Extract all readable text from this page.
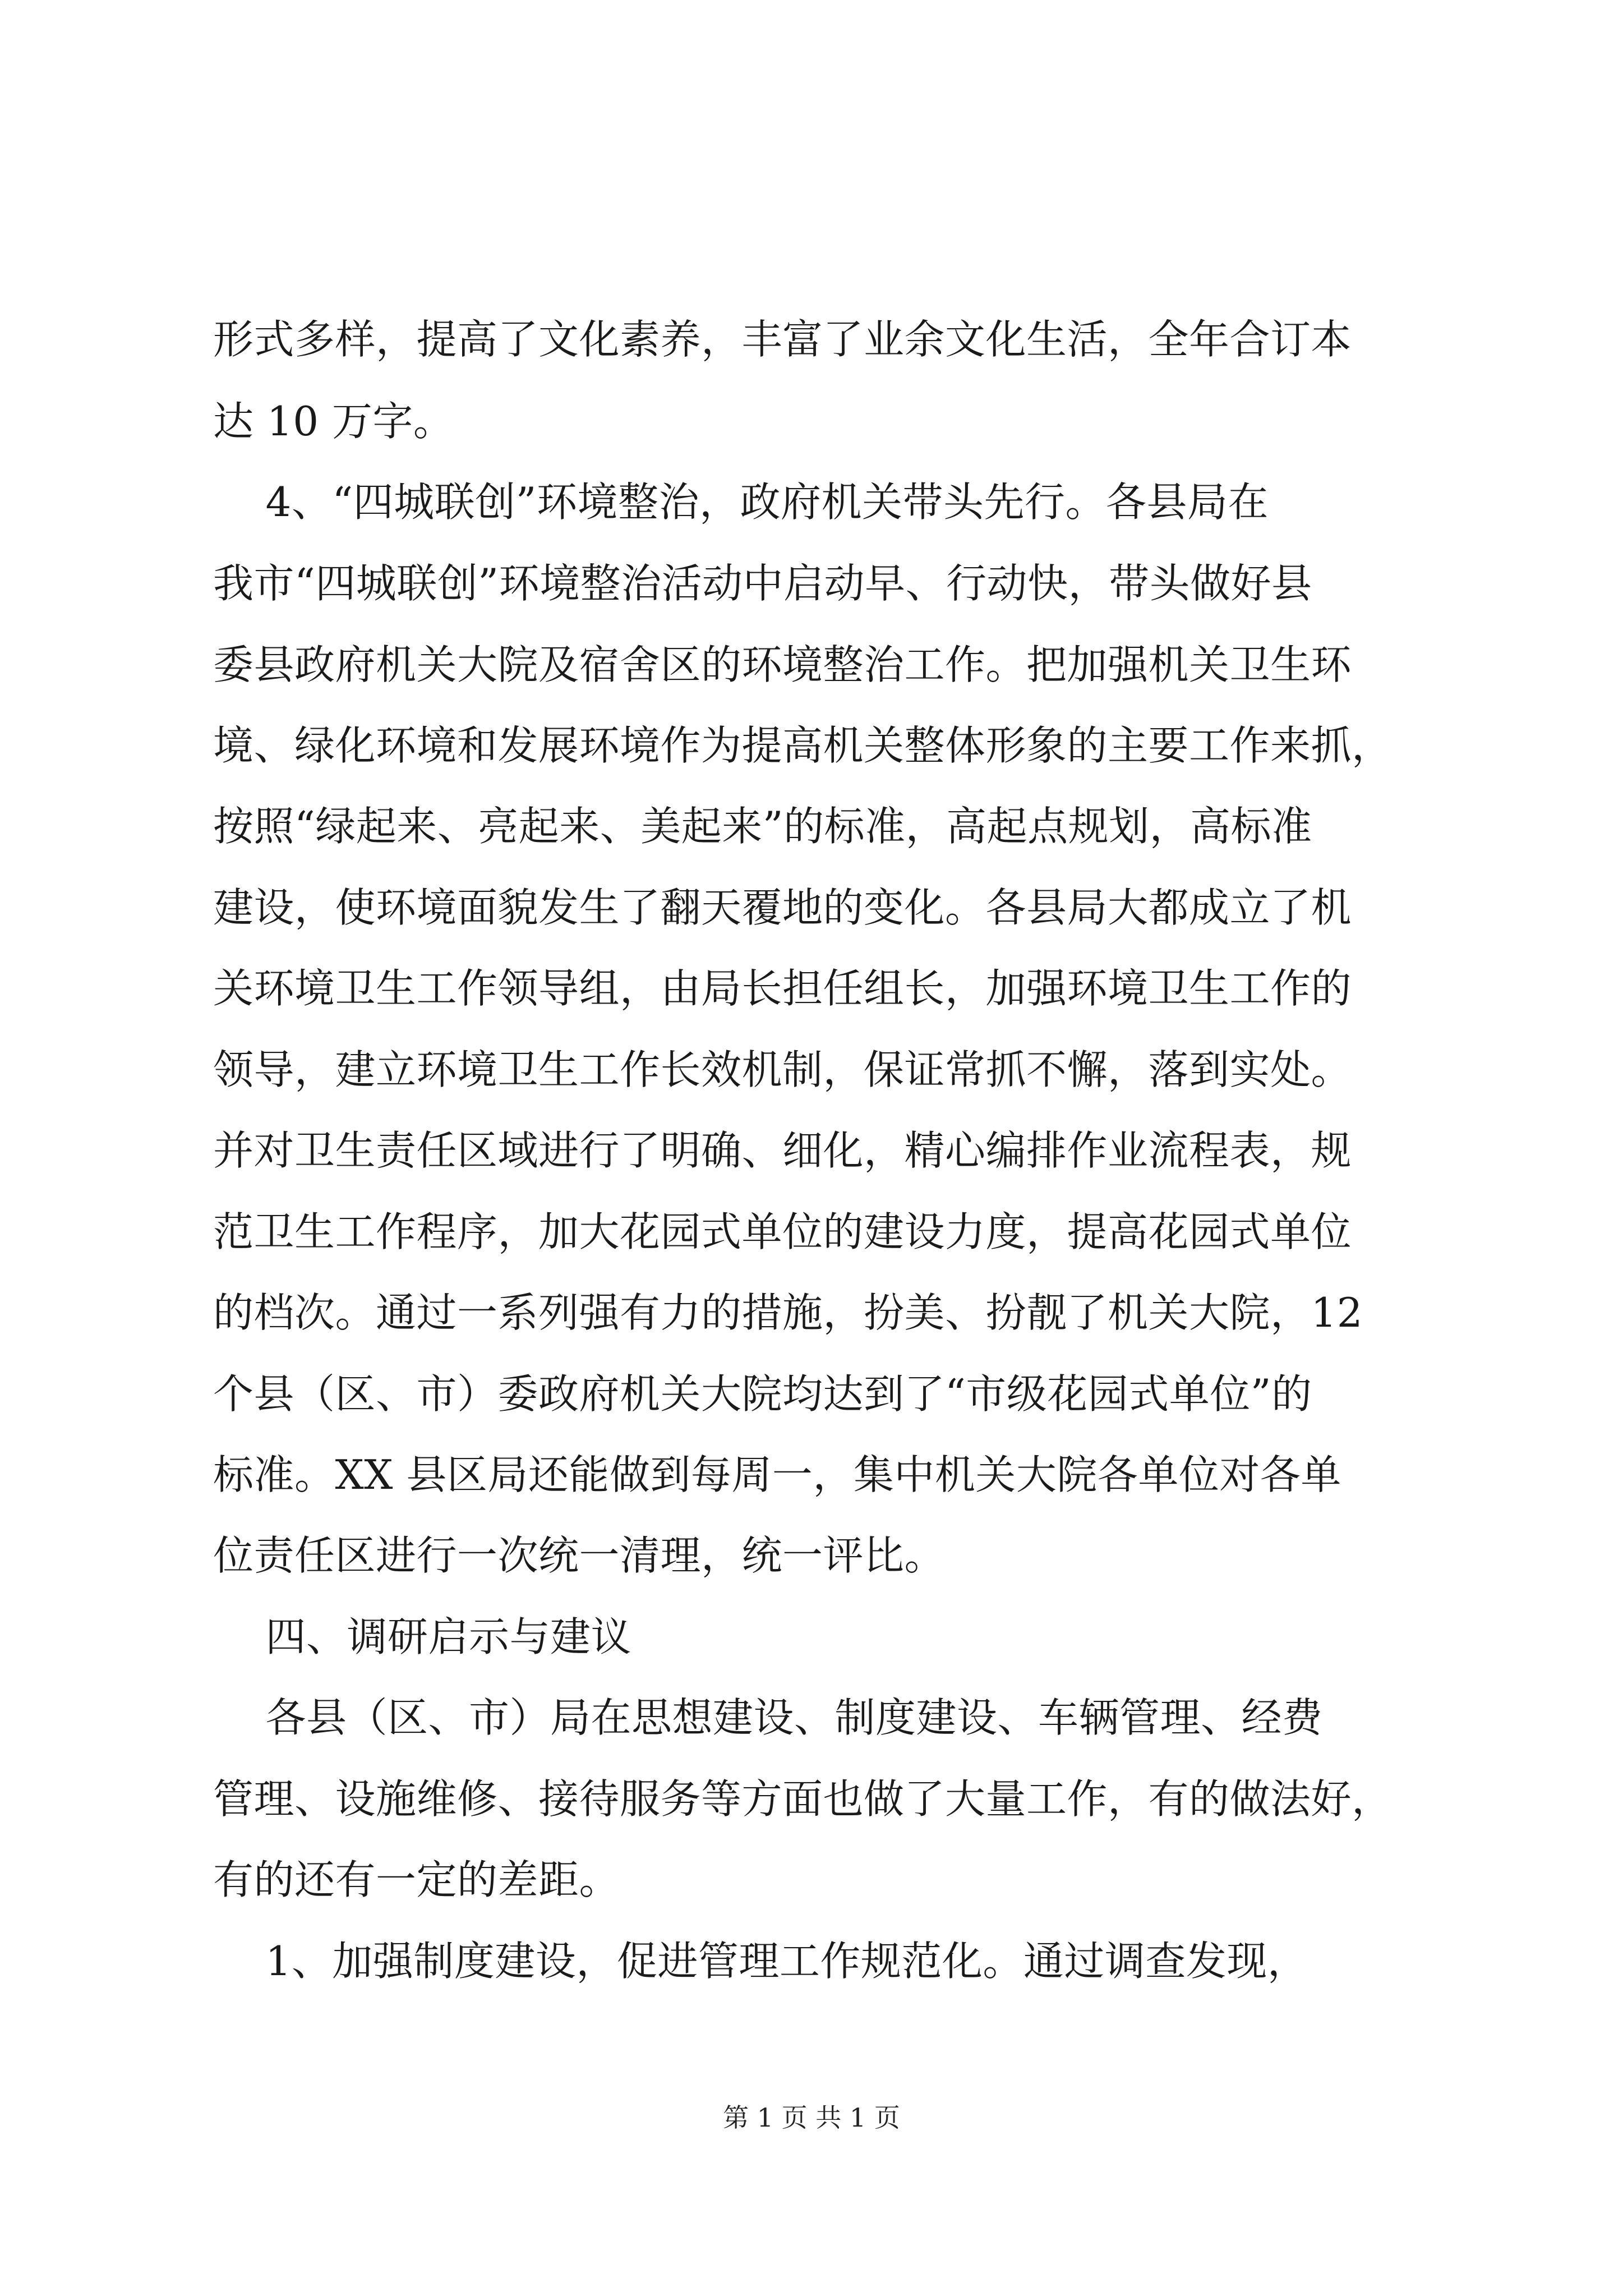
形式多样，提高了文化素养，丰富了业余文化生活，全年合订本

达 10 万字。

4、“四城联创”环境整治，政府机关带头先行。各县局在

我市“四城联创”环境整治活动中启动早、行动快，带头做好县

委县政府机关大院及宿舍区的环境整治工作。把加强机关卫生环

境、绿化环境和发展环境作为提高机关整体形象的主要工作来抓，

按照“绿起来、亮起来、美起来”的标准，高起点规划，高标准

建设，使环境面貌发生了翻天覆地的变化。各县局大都成立了机

关环境卫生工作领导组，由局长担任组长，加强环境卫生工作的

领导，建立环境卫生工作长效机制，保证常抓不懈，落到实处。

并对卫生责任区域进行了明确、细化，精心编排作业流程表，规

范卫生工作程序，加大花园式单位的建设力度，提高花园式单位

的档次。通过一系列强有力的措施，扮美、扮靓了机关大院，12

个县（区、市）委政府机关大院均达到了“市级花园式单位”的

标准。XX 县区局还能做到每周一，集中机关大院各单位对各单

位责任区进行一次统一清理，统一评比。

四、调研启示与建议

各县（区、市）局在思想建设、制度建设、车辆管理、经费

管理、设施维修、接待服务等方面也做了大量工作，有的做法好，

有的还有一定的差距。

1、加强制度建设，促进管理工作规范化。通过调查发现，

第 1 页 共 1 页
